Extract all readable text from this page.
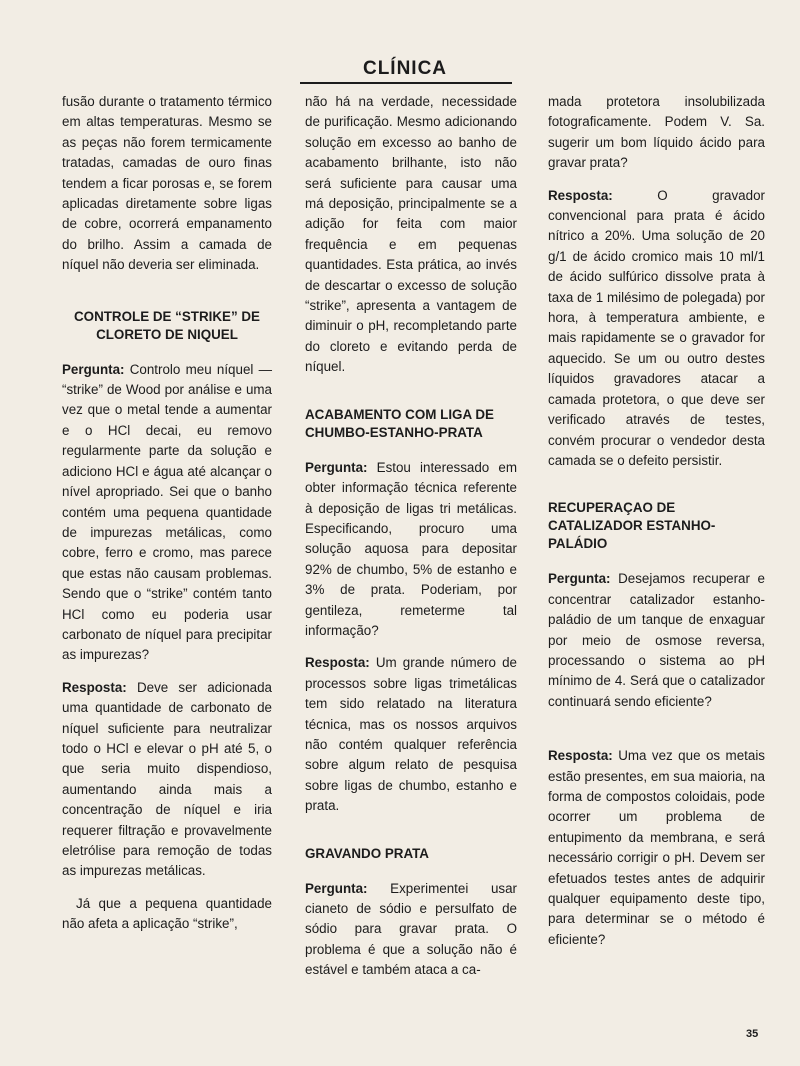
CLÍNICA

fusão durante o tratamento térmico em altas temperaturas. Mesmo se as peças não forem termicamente tratadas, camadas de ouro finas tendem a ficar porosas e, se forem aplicadas diretamente sobre ligas de cobre, ocorrerá empanamento do brilho. Assim a camada de níquel não deveria ser eliminada.

CONTROLE DE “STRIKE” DE CLORETO DE NIQUEL

Pergunta: Controlo meu níquel — “strike” de Wood por análise e uma vez que o metal tende a aumentar e o HCl decai, eu removo regularmente parte da solução e adiciono HCl e água até alcançar o nível apropriado. Sei que o banho contém uma pequena quantidade de impurezas metálicas, como cobre, ferro e cromo, mas parece que estas não causam problemas. Sendo que o “strike” contém tanto HCl como eu poderia usar carbonato de níquel para precipitar as impurezas?

Resposta: Deve ser adicionada uma quantidade de carbonato de níquel suficiente para neutralizar todo o HCl e elevar o pH até 5, o que seria muito dispendioso, aumentando ainda mais a concentração de níquel e iria requerer filtração e provavelmente eletrólise para remoção de todas as impurezas metálicas.

Já que a pequena quantidade não afeta a aplicação “strike”,

não há na verdade, necessidade de purificação. Mesmo adicionando solução em excesso ao banho de acabamento brilhante, isto não será suficiente para causar uma má deposição, principalmente se a adição for feita com maior frequência e em pequenas quantidades. Esta prática, ao invés de descartar o excesso de solução “strike”, apresenta a vantagem de diminuir o pH, recompletando parte do cloreto e evitando perda de níquel.

ACABAMENTO COM LIGA DE CHUMBO-ESTANHO-PRATA

Pergunta: Estou interessado em obter informação técnica referente à deposição de ligas tri metálicas. Especificando, procuro uma solução aquosa para depositar 92% de chumbo, 5% de estanho e 3% de prata. Poderiam, por gentileza, remeterme tal informação?

Resposta: Um grande número de processos sobre ligas trimetálicas tem sido relatado na literatura técnica, mas os nossos arquivos não contém qualquer referência sobre algum relato de pesquisa sobre ligas de chumbo, estanho e prata.

GRAVANDO PRATA

Pergunta: Experimentei usar cianeto de sódio e persulfato de sódio para gravar prata. O problema é que a solução não é estável e também ataca a ca-

mada protetora insolubilizada fotograficamente. Podem V. Sa. sugerir um bom líquido ácido para gravar prata?

Resposta: O gravador convencional para prata é ácido nítrico a 20%. Uma solução de 20 g/1 de ácido cromico mais 10 ml/1 de ácido sulfúrico dissolve prata à taxa de 1 milésimo de polegada) por hora, à temperatura ambiente, e mais rapidamente se o gravador for aquecido. Se um ou outro destes líquidos gravadores atacar a camada protetora, o que deve ser verificado através de testes, convém procurar o vendedor desta camada se o defeito persistir.

RECUPERAÇAO DE CATALIZADOR ESTANHO-PALÁDIO

Pergunta: Desejamos recuperar e concentrar catalizador estanho-paládio de um tanque de enxaguar por meio de osmose reversa, processando o sistema ao pH mínimo de 4. Será que o catalizador continuará sendo eficiente?

Resposta: Uma vez que os metais estão presentes, em sua maioria, na forma de compostos coloidais, pode ocorrer um problema de entupimento da membrana, e será necessário corrigir o pH. Devem ser efetuados testes antes de adquirir qualquer equipamento deste tipo, para determinar se o método é eficiente?

35
